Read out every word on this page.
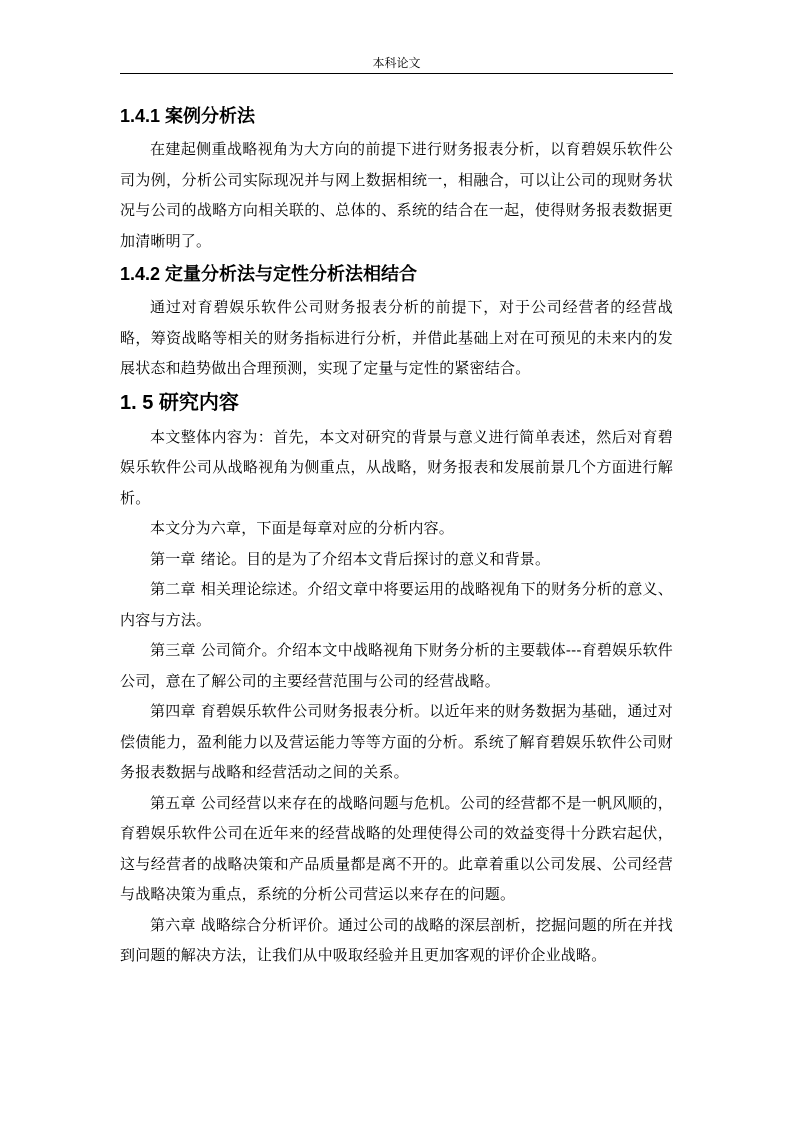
本科论文
1.4.1 案例分析法

在建起侧重战略视角为大方向的前提下进行财务报表分析，以育碧娱乐软件公司为例，分析公司实际现况并与网上数据相统一，相融合，可以让公司的现财务状况与公司的战略方向相关联的、总体的、系统的结合在一起，使得财务报表数据更加清晰明了。

1.4.2 定量分析法与定性分析法相结合

通过对育碧娱乐软件公司财务报表分析的前提下，对于公司经营者的经营战略，筹资战略等相关的财务指标进行分析，并借此基础上对在可预见的未来内的发展状态和趋势做出合理预测，实现了定量与定性的紧密结合。

1. 5 研究内容

本文整体内容为：首先，本文对研究的背景与意义进行简单表述，然后对育碧娱乐软件公司从战略视角为侧重点，从战略，财务报表和发展前景几个方面进行解析。

本文分为六章，下面是每章对应的分析内容。

第一章 绪论。目的是为了介绍本文背后探讨的意义和背景。

第二章 相关理论综述。介绍文章中将要运用的战略视角下的财务分析的意义、内容与方法。

第三章 公司简介。介绍本文中战略视角下财务分析的主要载体---育碧娱乐软件公司，意在了解公司的主要经营范围与公司的经营战略。

第四章 育碧娱乐软件公司财务报表分析。以近年来的财务数据为基础，通过对偿债能力，盈利能力以及营运能力等等方面的分析。系统了解育碧娱乐软件公司财务报表数据与战略和经营活动之间的关系。

第五章 公司经营以来存在的战略问题与危机。公司的经营都不是一帆风顺的，育碧娱乐软件公司在近年来的经营战略的处理使得公司的效益变得十分跌宕起伏，这与经营者的战略决策和产品质量都是离不开的。此章着重以公司发展、公司经营与战略决策为重点，系统的分析公司营运以来存在的问题。

第六章 战略综合分析评价。通过公司的战略的深层剖析，挖掘问题的所在并找到问题的解决方法，让我们从中吸取经验并且更加客观的评价企业战略。
